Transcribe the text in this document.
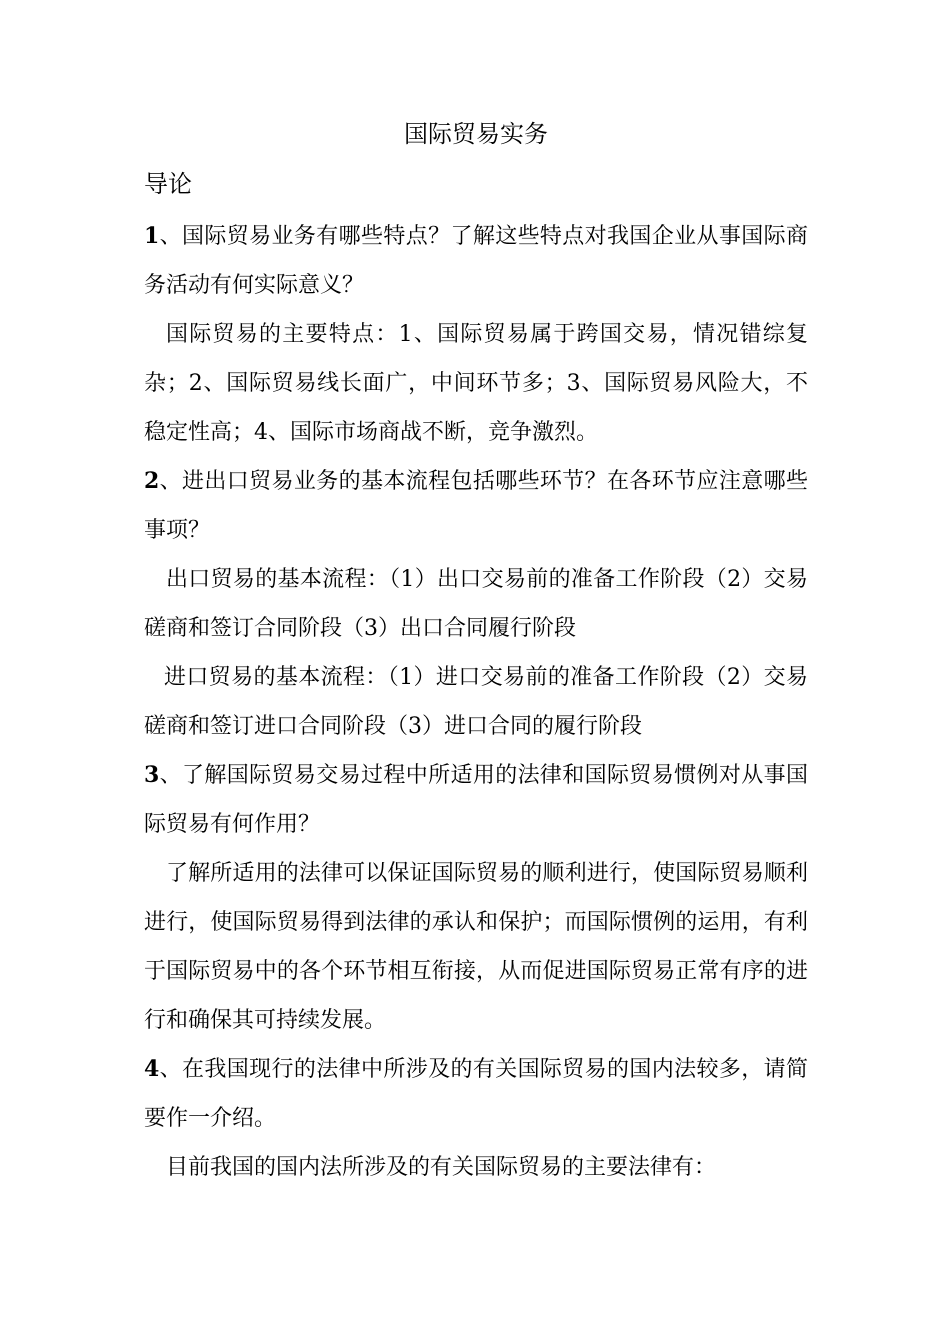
国际贸易实务
导论

1、国际贸易业务有哪些特点？了解这些特点对我国企业从事国际商务活动有何实际意义？

国际贸易的主要特点：1、国际贸易属于跨国交易，情况错综复杂；2、国际贸易线长面广，中间环节多；3、国际贸易风险大，不稳定性高；4、国际市场商战不断，竞争激烈。

2、进出口贸易业务的基本流程包括哪些环节？在各环节应注意哪些事项？

出口贸易的基本流程：（1）出口交易前的准备工作阶段（2）交易磋商和签订合同阶段（3）出口合同履行阶段

进口贸易的基本流程：（1）进口交易前的准备工作阶段（2）交易磋商和签订进口合同阶段（3）进口合同的履行阶段

3、了解国际贸易交易过程中所适用的法律和国际贸易惯例对从事国际贸易有何作用？

了解所适用的法律可以保证国际贸易的顺利进行，使国际贸易顺利进行，使国际贸易得到法律的承认和保护；而国际惯例的运用，有利于国际贸易中的各个环节相互衔接，从而促进国际贸易正常有序的进行和确保其可持续发展。

4、在我国现行的法律中所涉及的有关国际贸易的国内法较多，请简要作一介绍。

目前我国的国内法所涉及的有关国际贸易的主要法律有：
